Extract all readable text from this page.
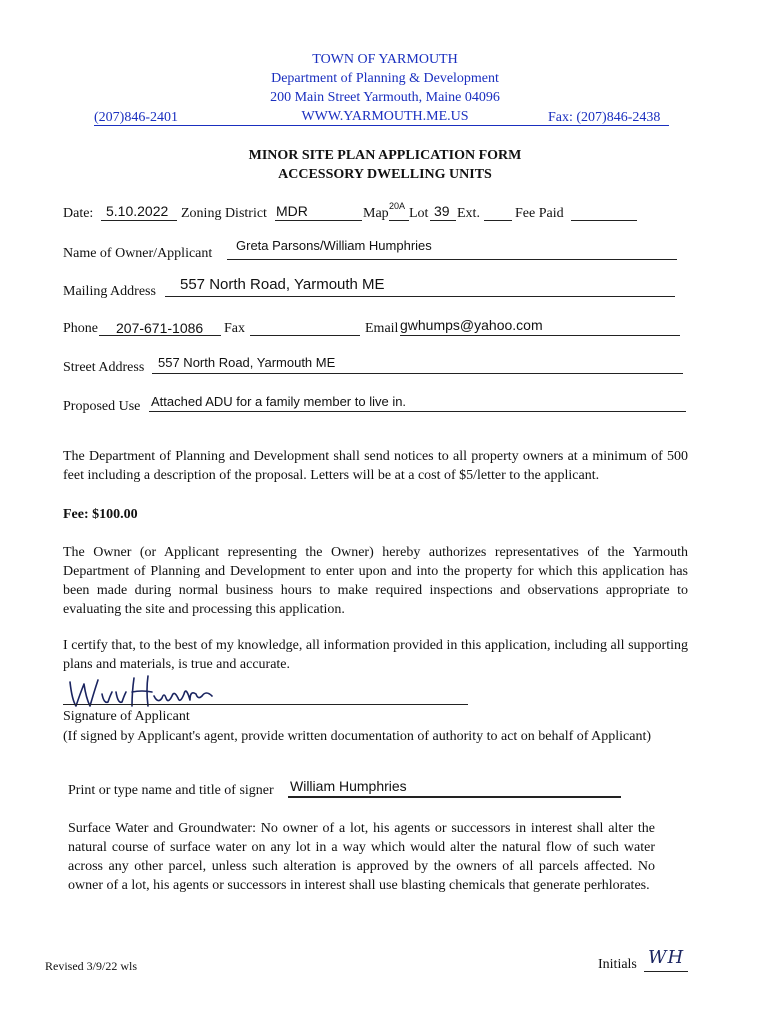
TOWN OF YARMOUTH
Department of Planning & Development
200 Main Street Yarmouth, Maine 04096
(207)846-2401	WWW.YARMOUTH.ME.US	Fax: (207)846-2438
MINOR SITE PLAN APPLICATION FORM
ACCESSORY DWELLING UNITS
Date: 5.10.2022 Zoning District MDR	Map 20A Lot 39 Ext.	Fee Paid
Name of Owner/Applicant
Greta Parsons/William Humphries
Mailing Address 557 North Road, Yarmouth ME
Phone 207-671-1086 Fax	Email gwhumps@yahoo.com
Street Address 557 North Road, Yarmouth ME
Proposed Use Attached ADU for a family member to live in.
The Department of Planning and Development shall send notices to all property owners at a minimum of 500 feet including a description of the proposal. Letters will be at a cost of $5/letter to the applicant.
Fee: $100.00
The Owner (or Applicant representing the Owner) hereby authorizes representatives of the Yarmouth Department of Planning and Development to enter upon and into the property for which this application has been made during normal business hours to make required inspections and observations appropriate to evaluating the site and processing this application.
I certify that, to the best of my knowledge, all information provided in this application, including all supporting plans and materials, is true and accurate.
Signature of Applicant
(If signed by Applicant's agent, provide written documentation of authority to act on behalf of Applicant)
Print or type name and title of signer William Humphries
Surface Water and Groundwater: No owner of a lot, his agents or successors in interest shall alter the natural course of surface water on any lot in a way which would alter the natural flow of such water across any other parcel, unless such alteration is approved by the owners of all parcels affected. No owner of a lot, his agents or successors in interest shall use blasting chemicals that generate perhlorates.
Revised 3/9/22 wls	Initials WH
